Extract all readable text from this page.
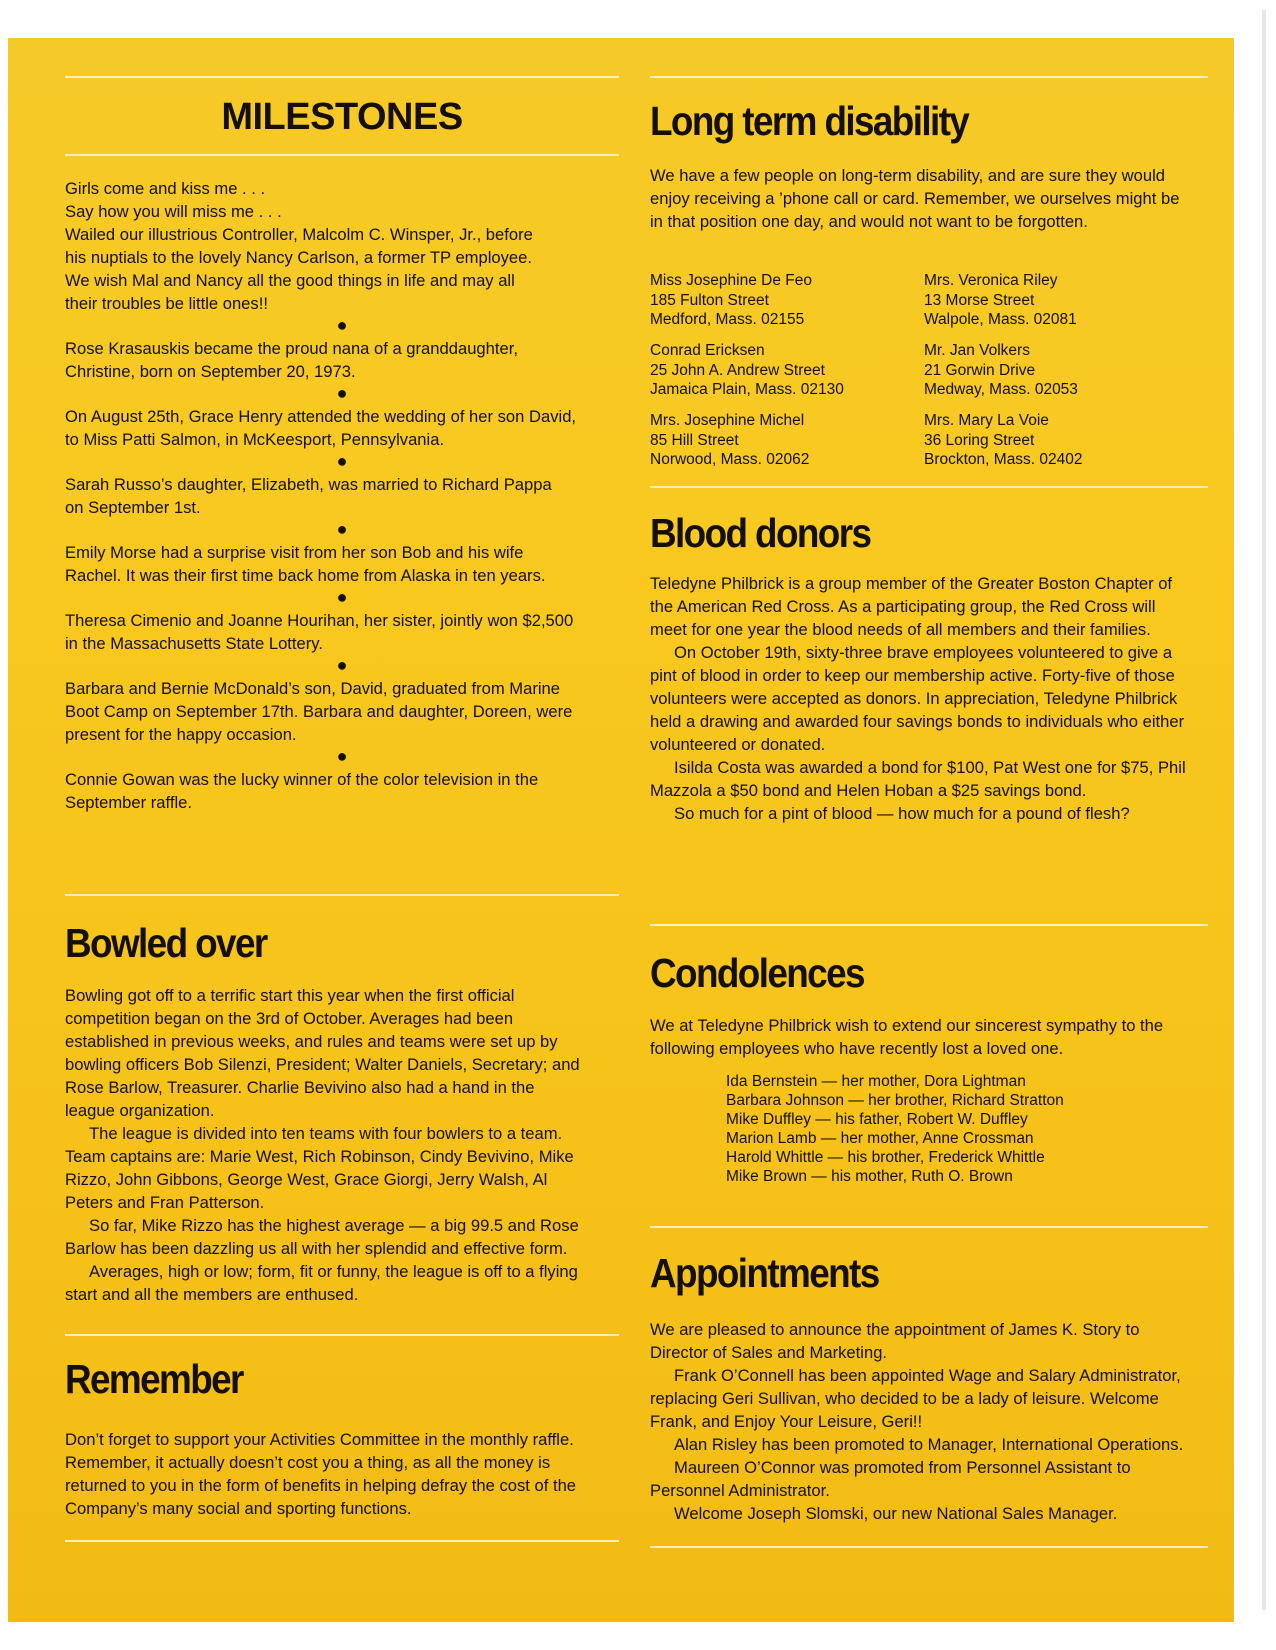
MILESTONES
Girls come and kiss me . . .
Say how you will miss me . . .
Wailed our illustrious Controller, Malcolm C. Winsper, Jr., before his nuptials to the lovely Nancy Carlson, a former TP employee.
We wish Mal and Nancy all the good things in life and may all their troubles be little ones!!
●
Rose Krasauskis became the proud nana of a granddaughter, Christine, born on September 20, 1973.
●
On August 25th, Grace Henry attended the wedding of her son David, to Miss Patti Salmon, in McKeesport, Pennsylvania.
●
Sarah Russo’s daughter, Elizabeth, was married to Richard Pappa on September 1st.
●
Emily Morse had a surprise visit from her son Bob and his wife Rachel. It was their first time back home from Alaska in ten years.
●
Theresa Cimenio and Joanne Hourihan, her sister, jointly won $2,500 in the Massachusetts State Lottery.
●
Barbara and Bernie McDonald’s son, David, graduated from Marine Boot Camp on September 17th. Barbara and daughter, Doreen, were present for the happy occasion.
●
Connie Gowan was the lucky winner of the color television in the September raffle.
Bowled over
Bowling got off to a terrific start this year when the first official competition began on the 3rd of October. Averages had been established in previous weeks, and rules and teams were set up by bowling officers Bob Silenzi, President; Walter Daniels, Secretary; and Rose Barlow, Treasurer. Charlie Bevivino also had a hand in the league organization.
The league is divided into ten teams with four bowlers to a team. Team captains are: Marie West, Rich Robinson, Cindy Bevivino, Mike Rizzo, John Gibbons, George West, Grace Giorgi, Jerry Walsh, Al Peters and Fran Patterson.
So far, Mike Rizzo has the highest average — a big 99.5 and Rose Barlow has been dazzling us all with her splendid and effective form.
Averages, high or low; form, fit or funny, the league is off to a flying start and all the members are enthused.
Remember
Don’t forget to support your Activities Committee in the monthly raffle. Remember, it actually doesn’t cost you a thing, as all the money is returned to you in the form of benefits in helping defray the cost of the Company’s many social and sporting functions.
Long term disability
We have a few people on long-term disability, and are sure they would enjoy receiving a ’phone call or card. Remember, we ourselves might be in that position one day, and would not want to be forgotten.
Miss Josephine De Feo
185 Fulton Street
Medford, Mass. 02155
Mrs. Veronica Riley
13 Morse Street
Walpole, Mass. 02081
Conrad Ericksen
25 John A. Andrew Street
Jamaica Plain, Mass. 02130
Mr. Jan Volkers
21 Gorwin Drive
Medway, Mass. 02053
Mrs. Josephine Michel
85 Hill Street
Norwood, Mass. 02062
Mrs. Mary La Voie
36 Loring Street
Brockton, Mass. 02402
Blood donors
Teledyne Philbrick is a group member of the Greater Boston Chapter of the American Red Cross. As a participating group, the Red Cross will meet for one year the blood needs of all members and their families.
On October 19th, sixty-three brave employees volunteered to give a pint of blood in order to keep our membership active. Forty-five of those volunteers were accepted as donors. In appreciation, Teledyne Philbrick held a drawing and awarded four savings bonds to individuals who either volunteered or donated.
Isilda Costa was awarded a bond for $100, Pat West one for $75, Phil Mazzola a $50 bond and Helen Hoban a $25 savings bond.
So much for a pint of blood — how much for a pound of flesh?
Condolences
We at Teledyne Philbrick wish to extend our sincerest sympathy to the following employees who have recently lost a loved one.
Ida Bernstein — her mother, Dora Lightman
Barbara Johnson — her brother, Richard Stratton
Mike Duffley — his father, Robert W. Duffley
Marion Lamb — her mother, Anne Crossman
Harold Whittle — his brother, Frederick Whittle
Mike Brown — his mother, Ruth O. Brown
Appointments
We are pleased to announce the appointment of James K. Story to Director of Sales and Marketing.
Frank O’Connell has been appointed Wage and Salary Administrator, replacing Geri Sullivan, who decided to be a lady of leisure. Welcome Frank, and Enjoy Your Leisure, Geri!!
Alan Risley has been promoted to Manager, International Operations.
Maureen O’Connor was promoted from Personnel Assistant to Personnel Administrator.
Welcome Joseph Slomski, our new National Sales Manager.
